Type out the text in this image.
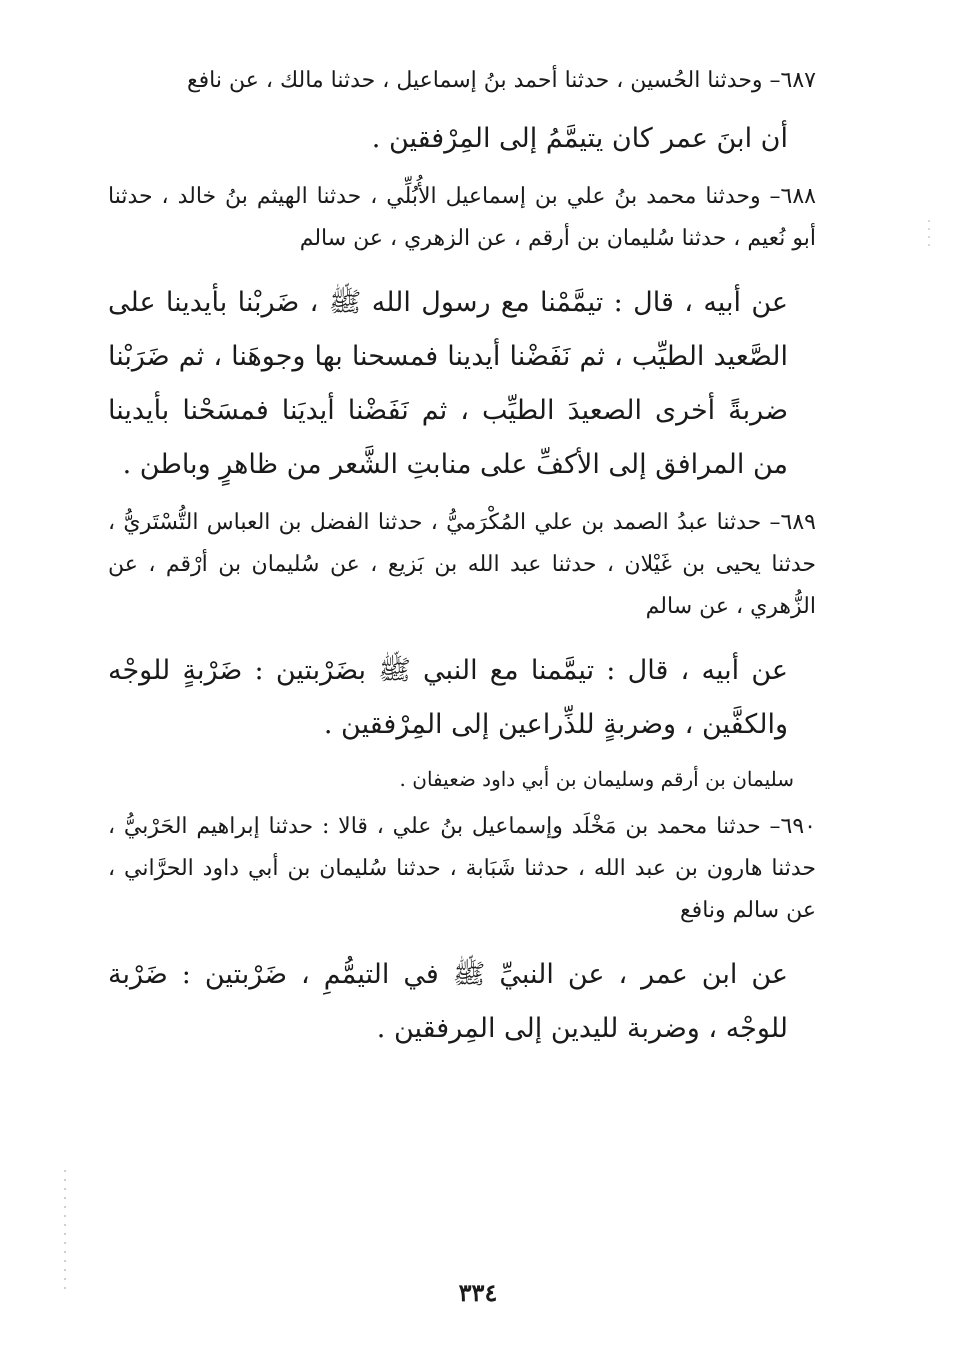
٦٨٧– وحدثنا الحُسين ، حدثنا أحمد بنُ إسماعيل ، حدثنا مالك ، عن نافع

أن ابنَ عمر كان يتيمَّمُ إلى المِرْفقين .

٦٨٨– وحدثنا محمد بنُ علي بن إسماعيل الأُبُلِّي ، حدثنا الهيثم بنُ خالد ، حدثنا أبو نُعيم ، حدثنا سُليمان بن أرقم ، عن الزهري ، عن سالم

عن أبيه ، قال : تيمَّمْنا مع رسول الله ﷺ ، ضَربْنا بأيدينا على الصَّعيد الطيِّب ، ثم نَفَضْنا أيدينا فمسحنا بها وجوهَنا ، ثم ضَرَبْنا ضربةً أخرى الصعيدَ الطيِّب ، ثم نَفَضْنا أيديَنا فمسَحْنا بأيدينا من المرافق إلى الأكفِّ على منابتِ الشَّعر من ظاهرٍ وباطن .

٦٨٩– حدثنا عبدُ الصمد بن علي المُكْرَميُّ ، حدثنا الفضل بن العباس التُّسْتَريُّ ، حدثنا يحيى بن غَيْلان ، حدثنا عبد الله بن بَزيع ، عن سُليمان بن أرْقم ، عن الزُّهري ، عن سالم

عن أبيه ، قال : تيمَّمنا مع النبي ﷺ بضَرْبتين : ضَرْبةٍ للوجْه والكفَّين ، وضربةٍ للذِّراعين إلى المِرْفقين .

سليمان بن أرقم وسليمان بن أبي داود ضعيفان .

٦٩٠– حدثنا محمد بن مَخْلَد وإسماعيل بنُ علي ، قالا : حدثنا إبراهيم الحَرْبيُّ ، حدثنا هارون بن عبد الله ، حدثنا شَبَابة ، حدثنا سُليمان بن أبي داود الحرَّاني ، عن سالم ونافع

عن ابن عمر ، عن النبيِّ ﷺ في التيمُّمِ ، ضَرْبتين : ضَرْبة للوجْه ، وضربة لليدين إلى المِرفقين .

٣٣٤
